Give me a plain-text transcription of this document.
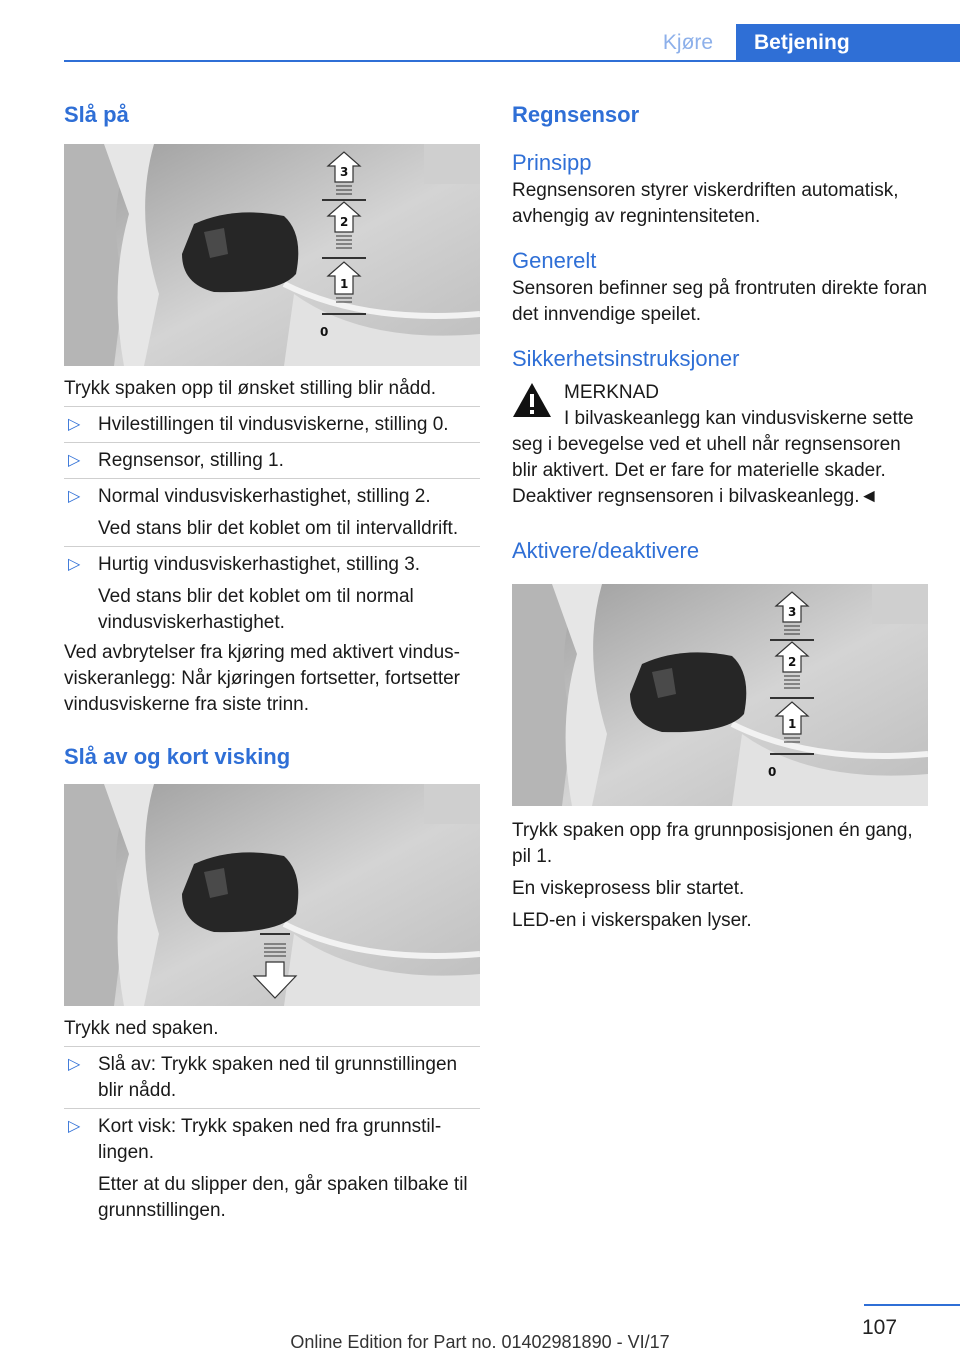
Kjøre	Betjening
Slå på
3
2
1
0

Trykk spaken opp til ønsket stilling blir nådd.

▷ Hvilestillingen til vindusviskerne, stilling 0.
▷ Regnsensor, stilling 1.
▷ Normal vindusviskerhastighet, stilling 2.

Ved stans blir det koblet om til intervalldrift.

▷ Hurtig vindusviskerhastighet, stilling 3.

Ved stans blir det koblet om til normal vindusviskerhastighet.

Ved avbrytelser fra kjøring med aktivert vindusviskeranlegg: Når kjøringen fortsetter, fortsetter vindusviskerne fra siste trinn.

Slå av og kort visking

Trykk ned spaken.

▷ Slå av: Trykk spaken ned til grunnstillingen blir nådd.
▷ Kort visk: Trykk spaken ned fra grunnstillingen.

Etter at du slipper den, går spaken tilbake til grunnstillingen.

Regnsensor
Prinsipp

Regnsensoren styrer viskerdriften automatisk, avhengig av regnintensiteten.

Generelt

Sensoren befinner seg på frontruten direkte foran det innvendige speilet.

Sikkerhetsinstruksjoner
MERKNAD

I bilvaskeanlegg kan vindusviskerne sette

seg i bevegelse ved et uhell når regnsensoren blir aktivert. Det er fare for materielle skader. Deaktiver regnsensoren i bilvaskeanlegg.◄

Aktivere/deaktivere
3
2
1
0

Trykk spaken opp fra grunnposisjonen én gang, pil 1.

En viskeprosess blir startet.

LED-en i viskerspaken lyser.

107
Online Edition for Part no. 01402981890 - VI/17
